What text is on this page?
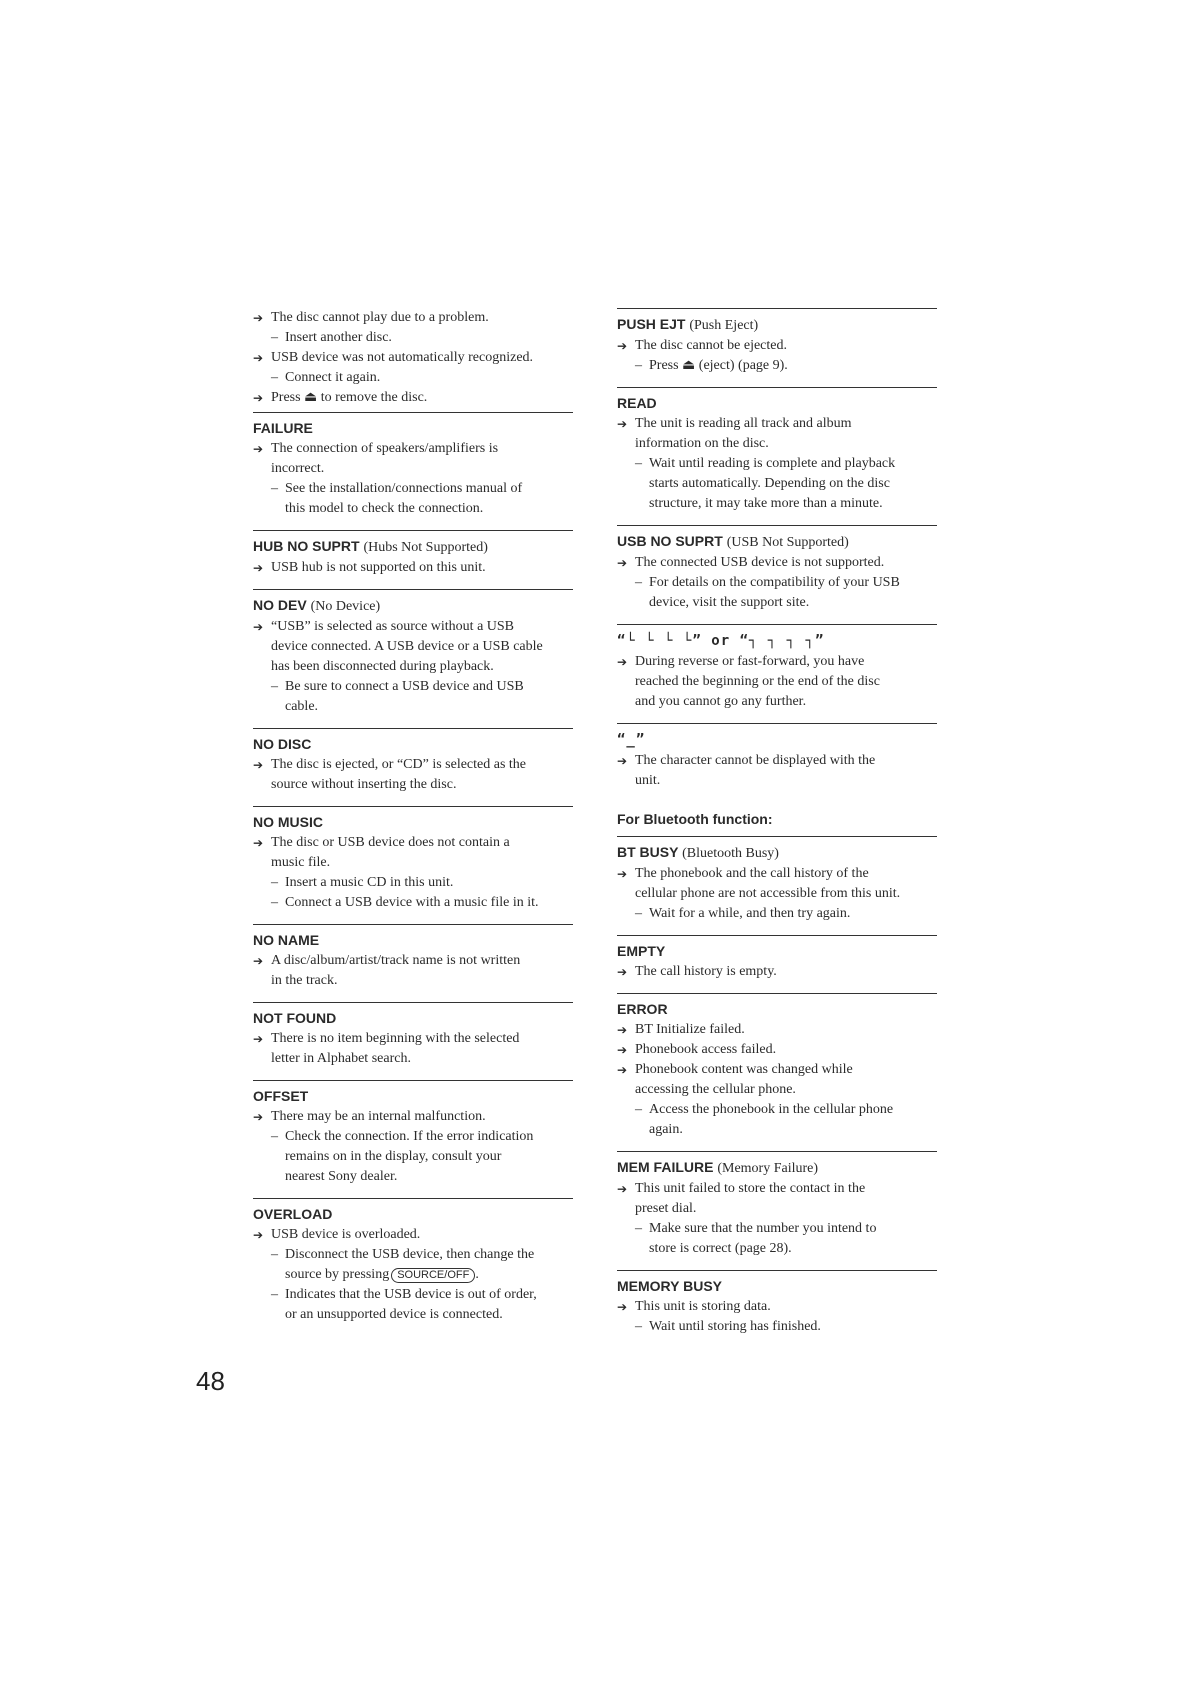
➔ The disc cannot play due to a problem.
– Insert another disc.
➔ USB device was not automatically recognized.
– Connect it again.
➔ Press ⏏ to remove the disc.
FAILURE
➔ The connection of speakers/amplifiers is
incorrect.
– See the installation/connections manual of
this model to check the connection.
HUB NO SUPRT (Hubs Not Supported)
➔ USB hub is not supported on this unit.
NO DEV (No Device)
➔ “USB” is selected as source without a USB
device connected. A USB device or a USB cable
has been disconnected during playback.
– Be sure to connect a USB device and USB
cable.
NO DISC
➔ The disc is ejected, or “CD” is selected as the
source without inserting the disc.
NO MUSIC
➔ The disc or USB device does not contain a
music file.
– Insert a music CD in this unit.
– Connect a USB device with a music file in it.
NO NAME
➔ A disc/album/artist/track name is not written
in the track.
NOT FOUND
➔ There is no item beginning with the selected
letter in Alphabet search.
OFFSET
➔ There may be an internal malfunction.
– Check the connection. If the error indication
remains on in the display, consult your
nearest Sony dealer.
OVERLOAD
➔ USB device is overloaded.
– Disconnect the USB device, then change the
source by pressing SOURCE/OFF .
– Indicates that the USB device is out of order,
or an unsupported device is connected.
PUSH EJT (Push Eject)
➔ The disc cannot be ejected.
– Press ⏏ (eject) (page 9).
READ
➔ The unit is reading all track and album
information on the disc.
– Wait until reading is complete and playback
starts automatically. Depending on the disc
structure, it may take more than a minute.
USB NO SUPRT (USB Not Supported)
➔ The connected USB device is not supported.
– For details on the compatibility of your USB
device, visit the support site.
“└ └ └ └” or “┐ ┐ ┐ ┐”
➔ During reverse or fast-forward, you have
reached the beginning or the end of the disc
and you cannot go any further.
“_”
➔ The character cannot be displayed with the
unit.
For Bluetooth function:
BT BUSY (Bluetooth Busy)
➔ The phonebook and the call history of the
cellular phone are not accessible from this unit.
– Wait for a while, and then try again.
EMPTY
➔ The call history is empty.
ERROR
➔ BT Initialize failed.
➔ Phonebook access failed.
➔ Phonebook content was changed while
accessing the cellular phone.
– Access the phonebook in the cellular phone
again.
MEM FAILURE (Memory Failure)
➔ This unit failed to store the contact in the
preset dial.
– Make sure that the number you intend to
store is correct (page 28).
MEMORY BUSY
➔ This unit is storing data.
– Wait until storing has finished.
48
